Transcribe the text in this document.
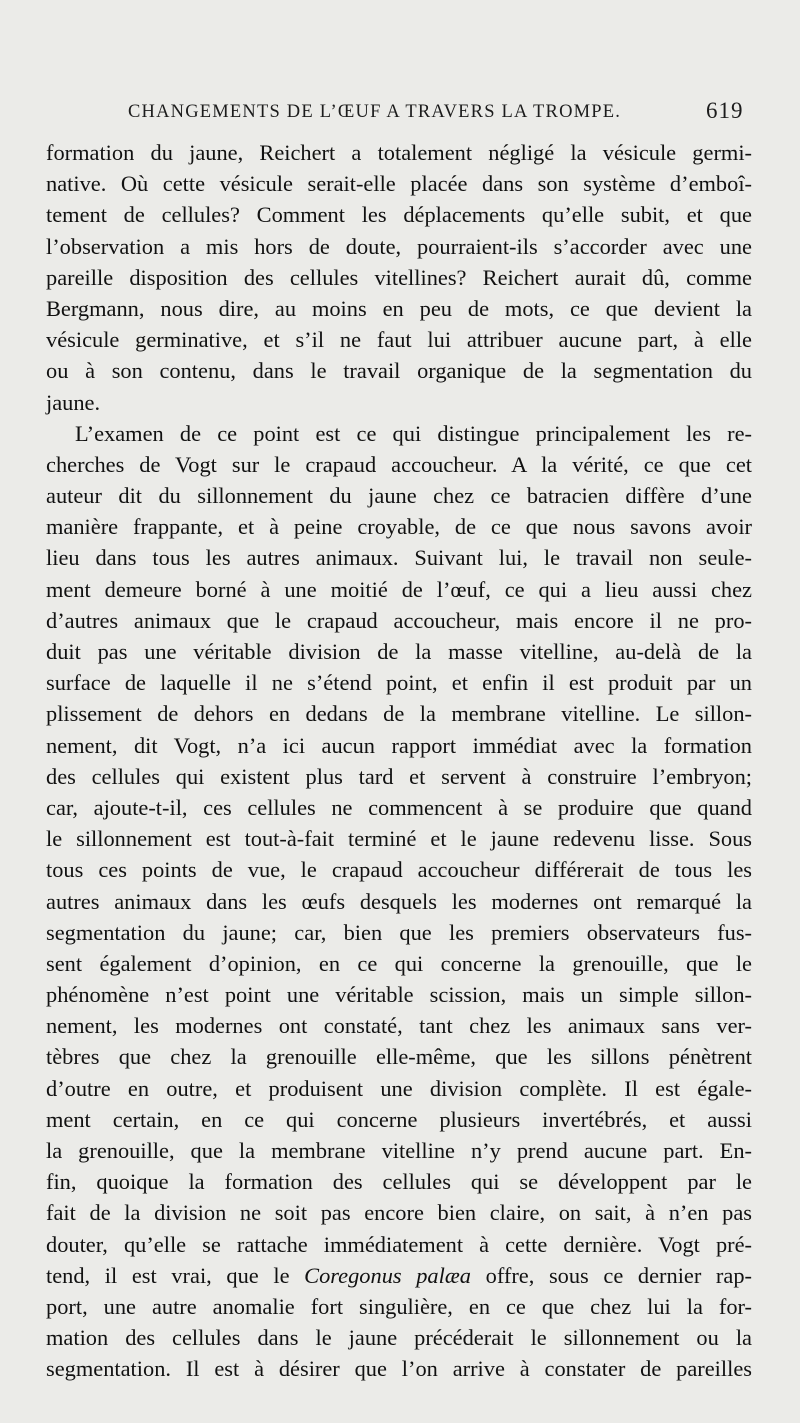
CHANGEMENTS DE L’ŒUF A TRAVERS LA TROMPE.	619
formation du jaune, Reichert a totalement négligé la vésicule germi-
native. Où cette vésicule serait-elle placée dans son système d’emboî-
tement de cellules? Comment les déplacements qu’elle subit, et que
l’observation a mis hors de doute, pourraient-ils s’accorder avec une
pareille disposition des cellules vitellines? Reichert aurait dû, comme
Bergmann, nous dire, au moins en peu de mots, ce que devient la
vésicule germinative, et s’il ne faut lui attribuer aucune part, à elle
ou à son contenu, dans le travail organique de la segmentation du
jaune.
L’examen de ce point est ce qui distingue principalement les re-
cherches de Vogt sur le crapaud accoucheur. A la vérité, ce que cet
auteur dit du sillonnement du jaune chez ce batracien diffère d’une
manière frappante, et à peine croyable, de ce que nous savons avoir
lieu dans tous les autres animaux. Suivant lui, le travail non seule-
ment demeure borné à une moitié de l’œuf, ce qui a lieu aussi chez
d’autres animaux que le crapaud accoucheur, mais encore il ne pro-
duit pas une véritable division de la masse vitelline, au-delà de la
surface de laquelle il ne s’étend point, et enfin il est produit par un
plissement de dehors en dedans de la membrane vitelline. Le sillon-
nement, dit Vogt, n’a ici aucun rapport immédiat avec la formation
des cellules qui existent plus tard et servent à construire l’embryon;
car, ajoute-t-il, ces cellules ne commencent à se produire que quand
le sillonnement est tout-à-fait terminé et le jaune redevenu lisse. Sous
tous ces points de vue, le crapaud accoucheur différerait de tous les
autres animaux dans les œufs desquels les modernes ont remarqué la
segmentation du jaune; car, bien que les premiers observateurs fus-
sent également d’opinion, en ce qui concerne la grenouille, que le
phénomène n’est point une véritable scission, mais un simple sillon-
nement, les modernes ont constaté, tant chez les animaux sans ver-
tèbres que chez la grenouille elle-même, que les sillons pénètrent
d’outre en outre, et produisent une division complète. Il est égale-
ment certain, en ce qui concerne plusieurs invertébrés, et aussi
la grenouille, que la membrane vitelline n’y prend aucune part. En-
fin, quoique la formation des cellules qui se développent par le
fait de la division ne soit pas encore bien claire, on sait, à n’en pas
douter, qu’elle se rattache immédiatement à cette dernière. Vogt pré-
tend, il est vrai, que le Coregonus palæa offre, sous ce dernier rap-
port, une autre anomalie fort singulière, en ce que chez lui la for-
mation des cellules dans le jaune précéderait le sillonnement ou la
segmentation. Il est à désirer que l’on arrive à constater de pareilles
